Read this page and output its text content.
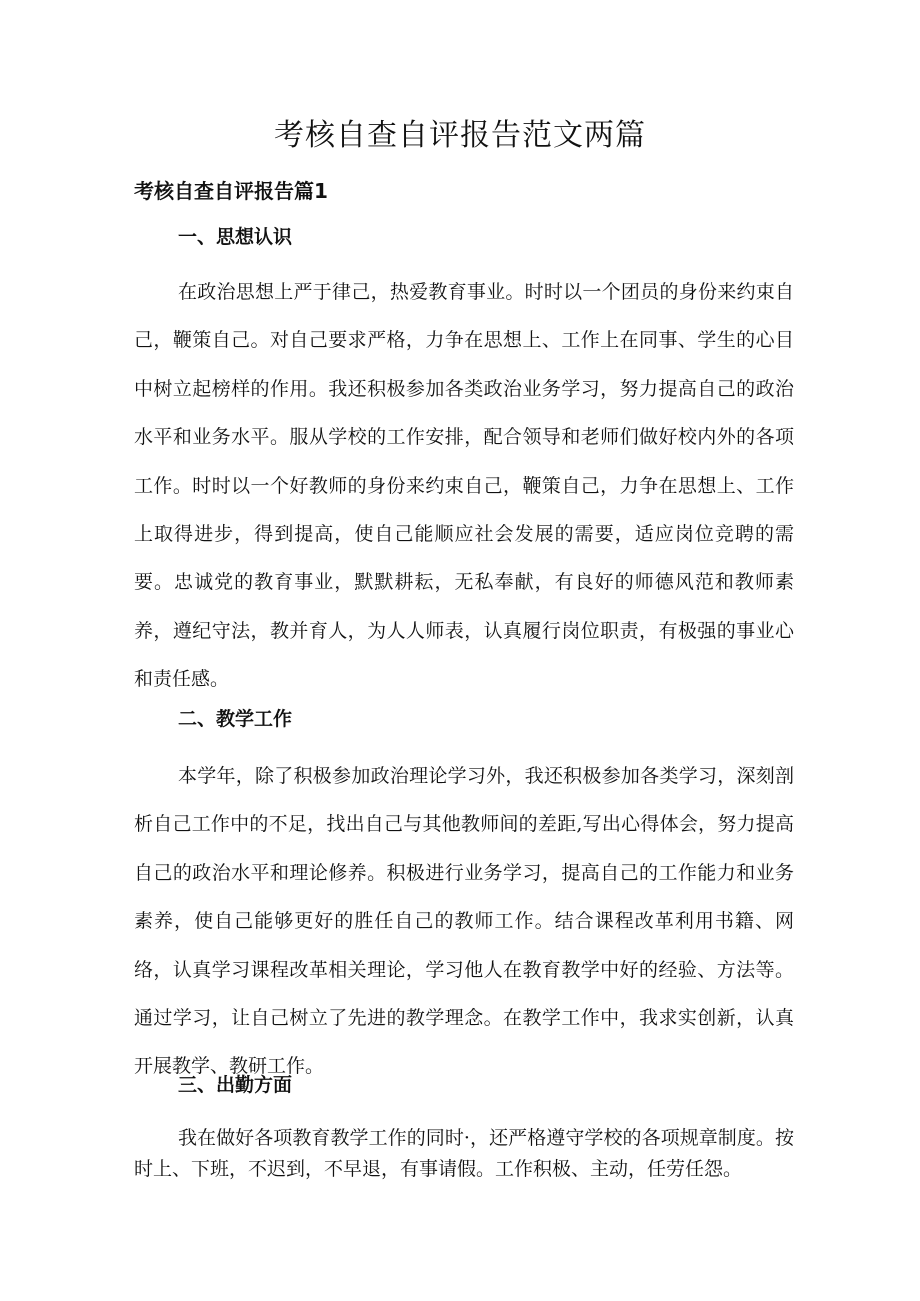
考核自查自评报告范文两篇
考核自查自评报告篇1
一、思想认识

在政治思想上严于律己，热爱教育事业。时时以一个团员的身份来约束自己，鞭策自己。对自己要求严格，力争在思想上、工作上在同事、学生的心目中树立起榜样的作用。我还积极参加各类政治业务学习，努力提高自己的政治水平和业务水平。服从学校的工作安排，配合领导和老师们做好校内外的各项工作。时时以一个好教师的身份来约束自己，鞭策自己，力争在思想上、工作上取得进步，得到提高，使自己能顺应社会发展的需要，适应岗位竞聘的需要。忠诚党的教育事业，默默耕耘，无私奉献，有良好的师德风范和教师素养，遵纪守法，教并育人，为人人师表，认真履行岗位职责，有极强的事业心和责任感。

二、教学工作

本学年，除了积极参加政治理论学习外，我还积极参加各类学习，深刻剖析自己工作中的不足，找出自己与其他教师间的差距,写出心得体会，努力提高自己的政治水平和理论修养。积极进行业务学习，提高自己的工作能力和业务素养，使自己能够更好的胜任自己的教师工作。结合课程改革利用书籍、网络，认真学习课程改革相关理论，学习他人在教育教学中好的经验、方法等。通过学习，让自己树立了先进的教学理念。在教学工作中，我求实创新，认真开展教学、教研工作。

三、出勤方面

我在做好各项教育教学工作的同时·，还严格遵守学校的各项规章制度。按时上、下班，不迟到，不早退，有事请假。工作积极、主动，任劳任怨。
